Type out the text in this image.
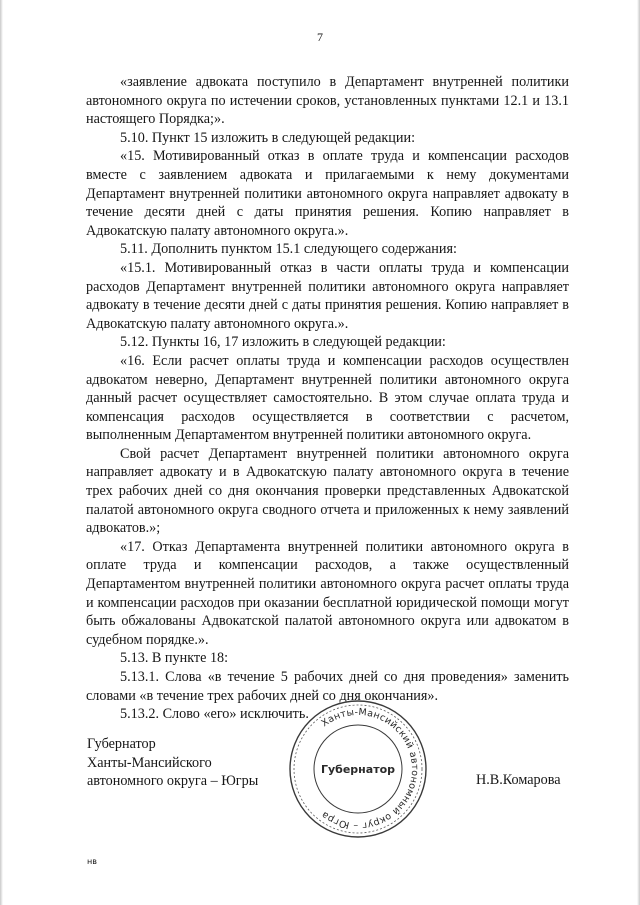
7

«заявление адвоката поступило в Департамент внутренней политики автономного округа по истечении сроков, установленных пунктами 12.1 и 13.1 настоящего Порядка;».

5.10. Пункт 15 изложить в следующей редакции:

«15. Мотивированный отказ в оплате труда и компенсации расходов вместе с заявлением адвоката и прилагаемыми к нему документами Департамент внутренней политики автономного округа направляет адвокату в течение десяти дней с даты принятия решения. Копию направляет в Адвокатскую палату автономного округа.».

5.11. Дополнить пунктом 15.1 следующего содержания:

«15.1. Мотивированный отказ в части оплаты труда и компенсации расходов Департамент внутренней политики автономного округа направляет адвокату в течение десяти дней с даты принятия решения. Копию направляет в Адвокатскую палату автономного округа.».

5.12. Пункты 16, 17 изложить в следующей редакции:

«16. Если расчет оплаты труда и компенсации расходов осуществлен адвокатом неверно, Департамент внутренней политики автономного округа данный расчет осуществляет самостоятельно. В этом случае оплата труда и компенсация расходов осуществляется в соответствии с расчетом, выполненным Департаментом внутренней политики автономного округа.

Свой расчет Департамент внутренней политики автономного округа направляет адвокату и в Адвокатскую палату автономного округа в течение трех рабочих дней со дня окончания проверки представленных Адвокатской палатой автономного округа сводного отчета и приложенных к нему заявлений адвокатов.»;

«17. Отказ Департамента внутренней политики автономного округа в оплате труда и компенсации расходов, а также осуществленный Департаментом внутренней политики автономного округа расчет оплаты труда и компенсации расходов при оказании бесплатной юридической помощи могут быть обжалованы Адвокатской палатой автономного округа или адвокатом в судебном порядке.».

5.13. В пункте 18:

5.13.1. Слова «в течение 5 рабочих дней со дня проведения» заменить словами «в течение трех рабочих дней со дня окончания».

5.13.2. Слово «его» исключить.

Губернатор
Ханты-Мансийского
автономного округа – Югры
Ханты-Мансийский автономный округ – Югра
Губернатор
Н.В.Комарова
нв
